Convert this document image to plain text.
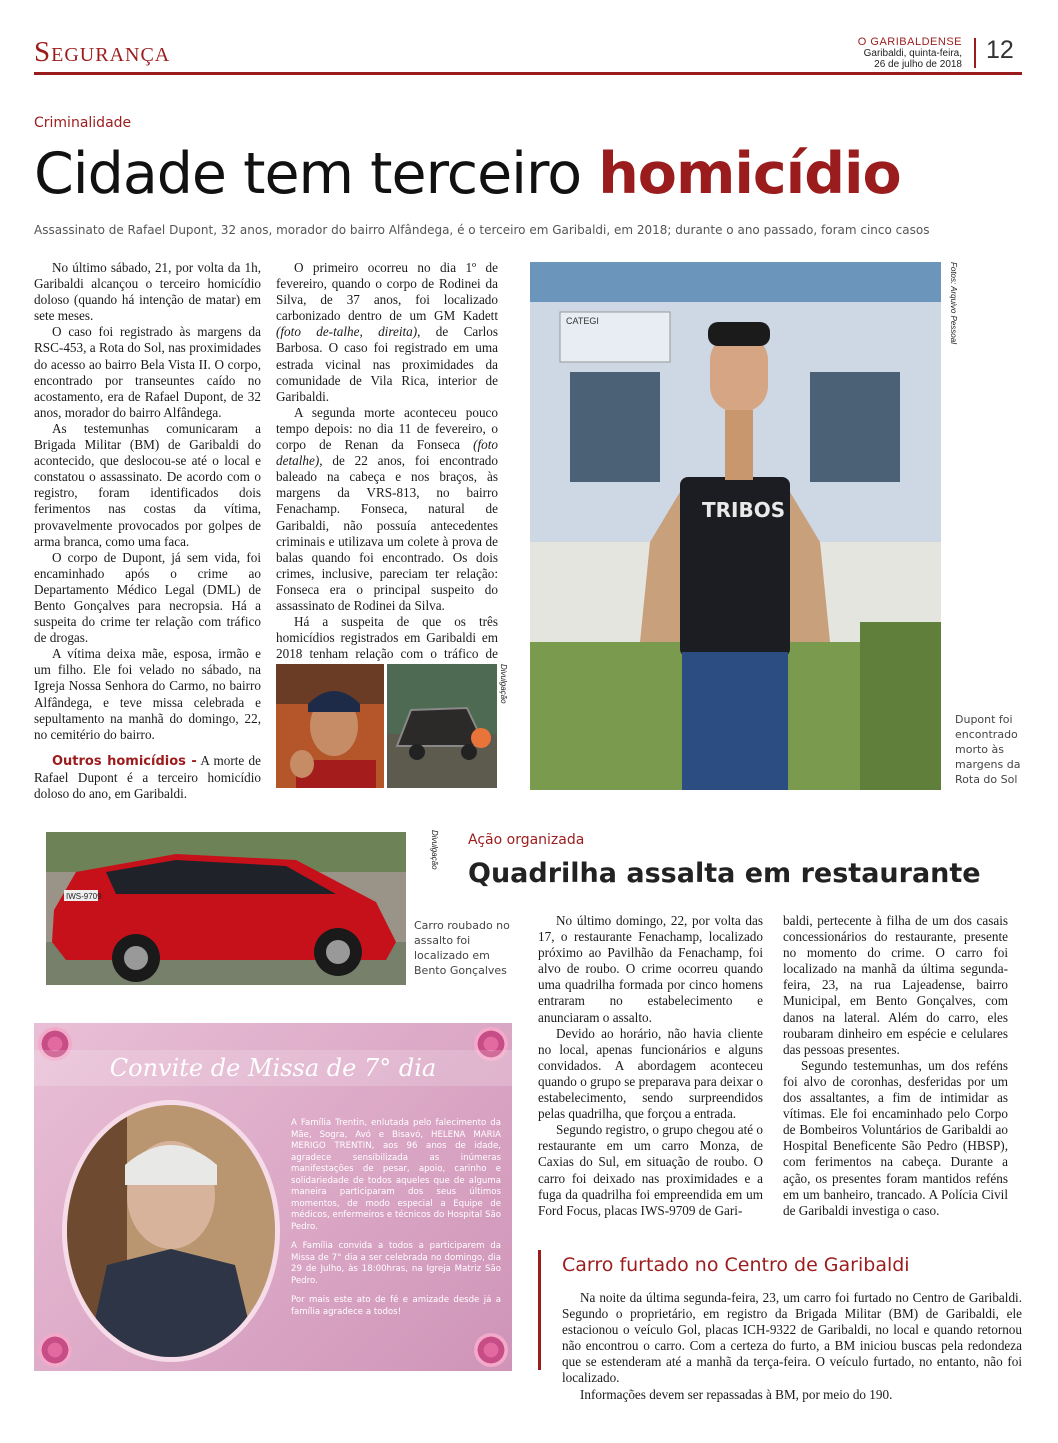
Segurança	O GARIBALDENSE
Garibaldi, quinta-feira,
26 de julho de 2018
12
Criminalidade
Cidade tem terceiro homicídio
Assassinato de Rafael Dupont, 32 anos, morador do bairro Alfândega, é o terceiro em Garibaldi, em 2018; durante o ano passado, foram cinco casos

No último sábado, 21, por volta da 1h, Garibaldi alcançou o terceiro homicídio doloso (quando há intenção de matar) em sete meses.

O caso foi registrado às margens da RSC-453, a Rota do Sol, nas proximidades do acesso ao bairro Bela Vista II. O corpo, encontrado por transeuntes caído no acostamento, era de Rafael Dupont, de 32 anos, morador do bairro Alfândega.

As testemunhas comunicaram a Brigada Militar (BM) de Garibaldi do acontecido, que deslocou-se até o local e constatou o assassinato. De acordo com o registro, foram identificados dois ferimentos nas costas da vítima, provavelmente provocados por golpes de arma branca, como uma faca.

O corpo de Dupont, já sem vida, foi encaminhado após o crime ao Departamento Médico Legal (DML) de Bento Gonçalves para necropsia. Há a suspeita do crime ter relação com tráfico de drogas.

A vítima deixa mãe, esposa, irmão e um filho. Ele foi velado no sábado, na Igreja Nossa Senhora do Carmo, no bairro Alfândega, e teve missa celebrada e sepultamento na manhã do domingo, 22, no cemitério do bairro.

Outros homicídios - A morte de Rafael Dupont é a terceiro homicídio doloso do ano, em Garibaldi.

O primeiro ocorreu no dia 1º de fevereiro, quando o corpo de Rodinei da Silva, de 37 anos, foi localizado carbonizado dentro de um GM Kadett (foto de-talhe, direita), de Carlos Barbosa. O caso foi registrado em uma estrada vicinal nas proximidades da comunidade de Vila Rica, interior de Garibaldi.

A segunda morte aconteceu pouco tempo depois: no dia 11 de fevereiro, o corpo de Renan da Fonseca (foto detalhe), de 22 anos, foi encontrado baleado na cabeça e nos braços, às margens da VRS-813, no bairro Fenachamp. Fonseca, natural de Garibaldi, não possuía antecedentes criminais e utilizava um colete à prova de balas quando foi encontrado. Os dois crimes, inclusive, pareciam ter relação: Fonseca era o principal suspeito do assassinato de Rodinei da Silva.

Há a suspeita de que os três homicídios registrados em Garibaldi em 2018 tenham relação com o tráfico de

CATEGI
TRIBOS
Fotos: Arquivo Pessoal
Dupont foi encontrado morto às margens da Rota do Sol
Divulgação
IWS-9709
Divulgação
Carro roubado no assalto foi localizado em Bento Gonçalves
Ação organizada
Quadrilha assalta em restaurante

No último domingo, 22, por volta das 17, o restaurante Fenachamp, localizado próximo ao Pavilhão da Fenachamp, foi alvo de roubo. O crime ocorreu quando uma quadrilha formada por cinco homens entraram no estabelecimento e anunciaram o assalto.

Devido ao horário, não havia cliente no local, apenas funcionários e alguns convidados. A abordagem aconteceu quando o grupo se preparava para deixar o estabelecimento, sendo surpreendidos pelas quadrilha, que forçou a entrada.

Segundo registro, o grupo chegou até o restaurante em um carro Monza, de Caxias do Sul, em situação de roubo. O carro foi deixado nas proximidades e a fuga da quadrilha foi empreendida em um Ford Focus, placas IWS-9709 de Gari-

baldi, pertecente à filha de um dos casais concessionários do restaurante, presente no momento do crime. O carro foi localizado na manhã da última segunda-feira, 23, na rua Lajeadense, bairro Municipal, em Bento Gonçalves, com danos na lateral. Além do carro, eles roubaram dinheiro em espécie e celulares das pessoas presentes.

Segundo testemunhas, um dos reféns foi alvo de coronhas, desferidas por um dos assaltantes, a fim de intimidar as vítimas. Ele foi encaminhado pelo Corpo de Bombeiros Voluntários de Garibaldi ao Hospital Beneficente São Pedro (HBSP), com ferimentos na cabeça. Durante a ação, os presentes foram mantidos reféns em um banheiro, trancado. A Polícia Civil de Garibaldi investiga o caso.

Carro furtado no Centro de Garibaldi

Na noite da última segunda-feira, 23, um carro foi furtado no Centro de Garibaldi. Segundo o proprietário, em registro da Brigada Militar (BM) de Garibaldi, ele estacionou o veículo Gol, placas ICH-9322 de Garibaldi, no local e quando retornou não encontrou o carro. Com a certeza do furto, a BM iniciou buscas pela redondeza que se estenderam até a manhã da terça-feira. O veículo furtado, no entanto, não foi localizado.

Informações devem ser repassadas à BM, por meio do 190.

Convite de Missa de 7° dia

A Família Trentin, enlutada pelo falecimento da Mãe, Sogra, Avó e Bisavó, HELENA MARIA MERIGO TRENTIN, aos 96 anos de idade, agradece sensibilizada as inúmeras manifestações de pesar, apoio, carinho e solidariedade de todos aqueles que de alguma maneira participaram dos seus últimos momentos, de modo especial a Equipe de médicos, enfermeiros e técnicos do Hospital São Pedro.

A Família convida a todos a participarem da Missa de 7° dia a ser celebrada no domingo, dia 29 de Julho, às 18:00hras, na Igreja Matriz São Pedro.

Por mais este ato de fé e amizade desde já a família agradece a todos!
